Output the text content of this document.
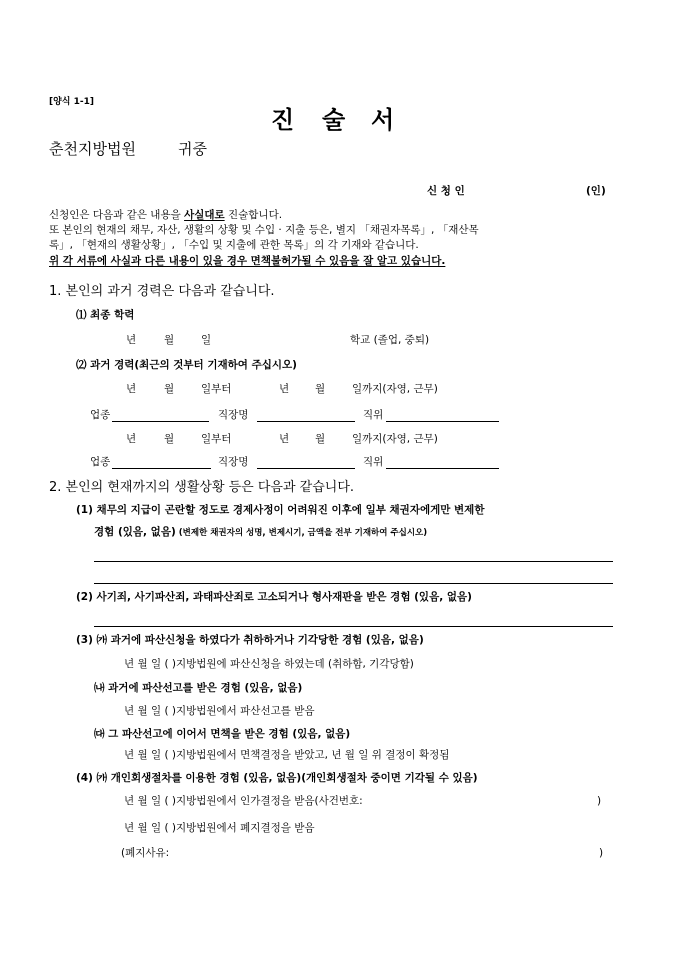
[양식 1-1]
진 술 서
춘천지방법원	귀중
신 청 인	(인)
신청인은 다음과 같은 내용을 사실대로 진술합니다.
또 본인의 현재의 채무, 자산, 생활의 상황 및 수입 · 지출 등은, 별지 「채권자목록」, 「재산목
록」, 「현재의 생활상황」, 「수입 및 지출에 관한 목록」의 각 기재와 같습니다.
위 각 서류에 사실과 다른 내용이 있을 경우 면책불허가될 수 있음을 잘 알고 있습니다.
1. 본인의 과거 경력은 다음과 같습니다.
⑴ 최종 학력
년	월	일	학교 (졸업, 중퇴)
⑵ 과거 경력(최근의 것부터 기재하여 주십시오)
년	월	일부터	년 월	일까지(자영, 근무)
업종	직장명	직위
년	월	일부터	년 월	일까지(자영, 근무)
업종	직장명	직위
2. 본인의 현재까지의 생활상황 등은 다음과 같습니다.
(1) 채무의 지급이 곤란할 정도로 경제사정이 어려워진 이후에 일부 채권자에게만 변제한
경험 (있음, 없음) (변제한 채권자의 성명, 변제시기, 금액을 전부 기재하여 주십시오)
(2) 사기죄, 사기파산죄, 과태파산죄로 고소되거나 형사재판을 받은 경험 (있음, 없음)
(3) ㈎ 과거에 파산신청을 하였다가 취하하거나 기각당한 경험 (있음, 없음)
년 월 일 ( )지방법원에 파산신청을 하였는데 (취하함, 기각당함)
㈏ 과거에 파산선고를 받은 경험 (있음, 없음)
년 월 일 ( )지방법원에서 파산선고를 받음
㈐ 그 파산선고에 이어서 면책을 받은 경험 (있음, 없음)
년 월 일 ( )지방법원에서 면책결정을 받았고, 년 월 일 위 결정이 확정됨
(4) ㈎ 개인회생절차를 이용한 경험 (있음, 없음)(개인회생절차 중이면 기각될 수 있음)
년 월 일 ( )지방법원에서 인가결정을 받음(사건번호:	)
년 월 일 ( )지방법원에서 폐지결정을 받음
(폐지사유:	)
